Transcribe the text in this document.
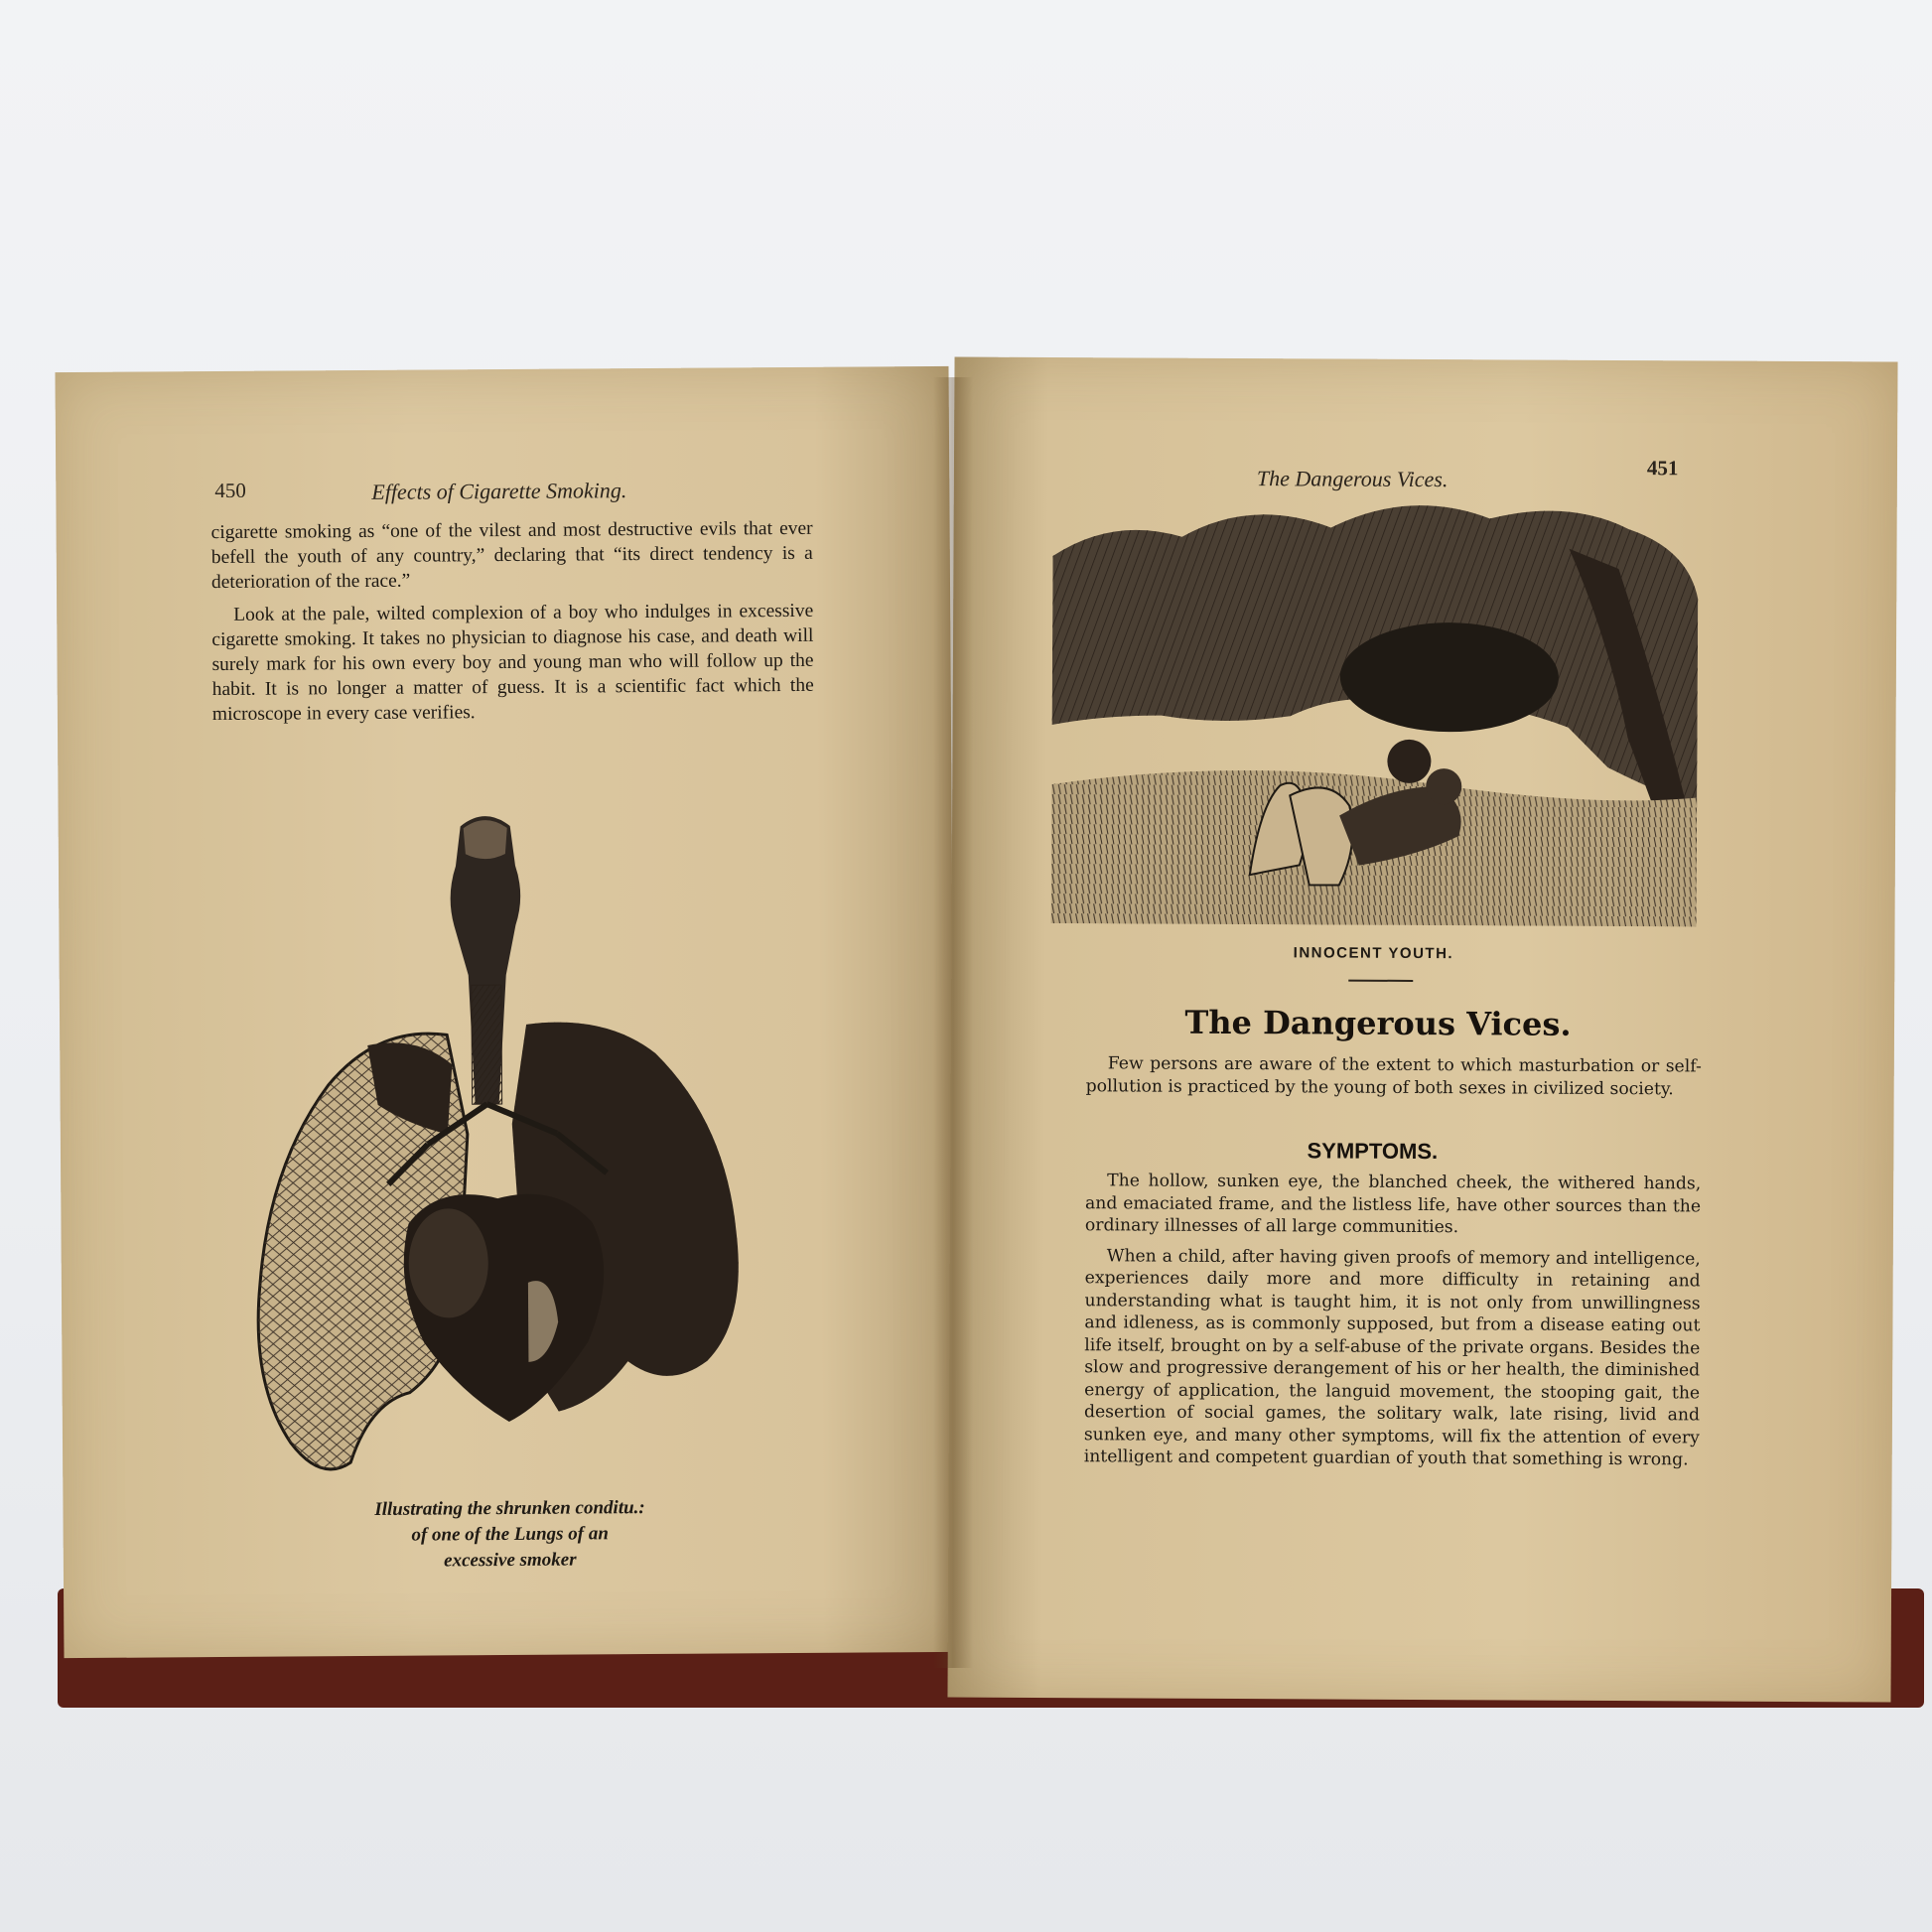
450	Effects of Cigarette Smoking.

cigarette smoking as “one of the vilest and most destructive evils that ever befell the youth of any country,” declaring that “its direct tendency is a deterioration of the race.”

Look at the pale, wilted complexion of a boy who indulges in excessive cigarette smoking. It takes no physician to diagnose his case, and death will surely mark for his own every boy and young man who will follow up the habit. It is no longer a matter of guess. It is a scientific fact which the microscope in every case verifies.

Illustrating the shrunken conditu.:
of one of the Lungs of an
excessive smoker
The Dangerous Vices.	451
INNOCENT YOUTH.
The Dangerous Vices.

Few persons are aware of the extent to which masturbation or self-pollution is practiced by the young of both sexes in civilized society.

SYMPTOMS.

The hollow, sunken eye, the blanched cheek, the withered hands, and emaciated frame, and the listless life, have other sources than the ordinary illnesses of all large communities.

When a child, after having given proofs of memory and intelligence, experiences daily more and more difficulty in retaining and understanding what is taught him, it is not only from unwillingness and idleness, as is commonly supposed, but from a disease eating out life itself, brought on by a self-abuse of the private organs. Besides the slow and progressive derangement of his or her health, the diminished energy of application, the languid movement, the stooping gait, the desertion of social games, the solitary walk, late rising, livid and sunken eye, and many other symptoms, will fix the attention of every intelligent and competent guardian of youth that something is wrong.
